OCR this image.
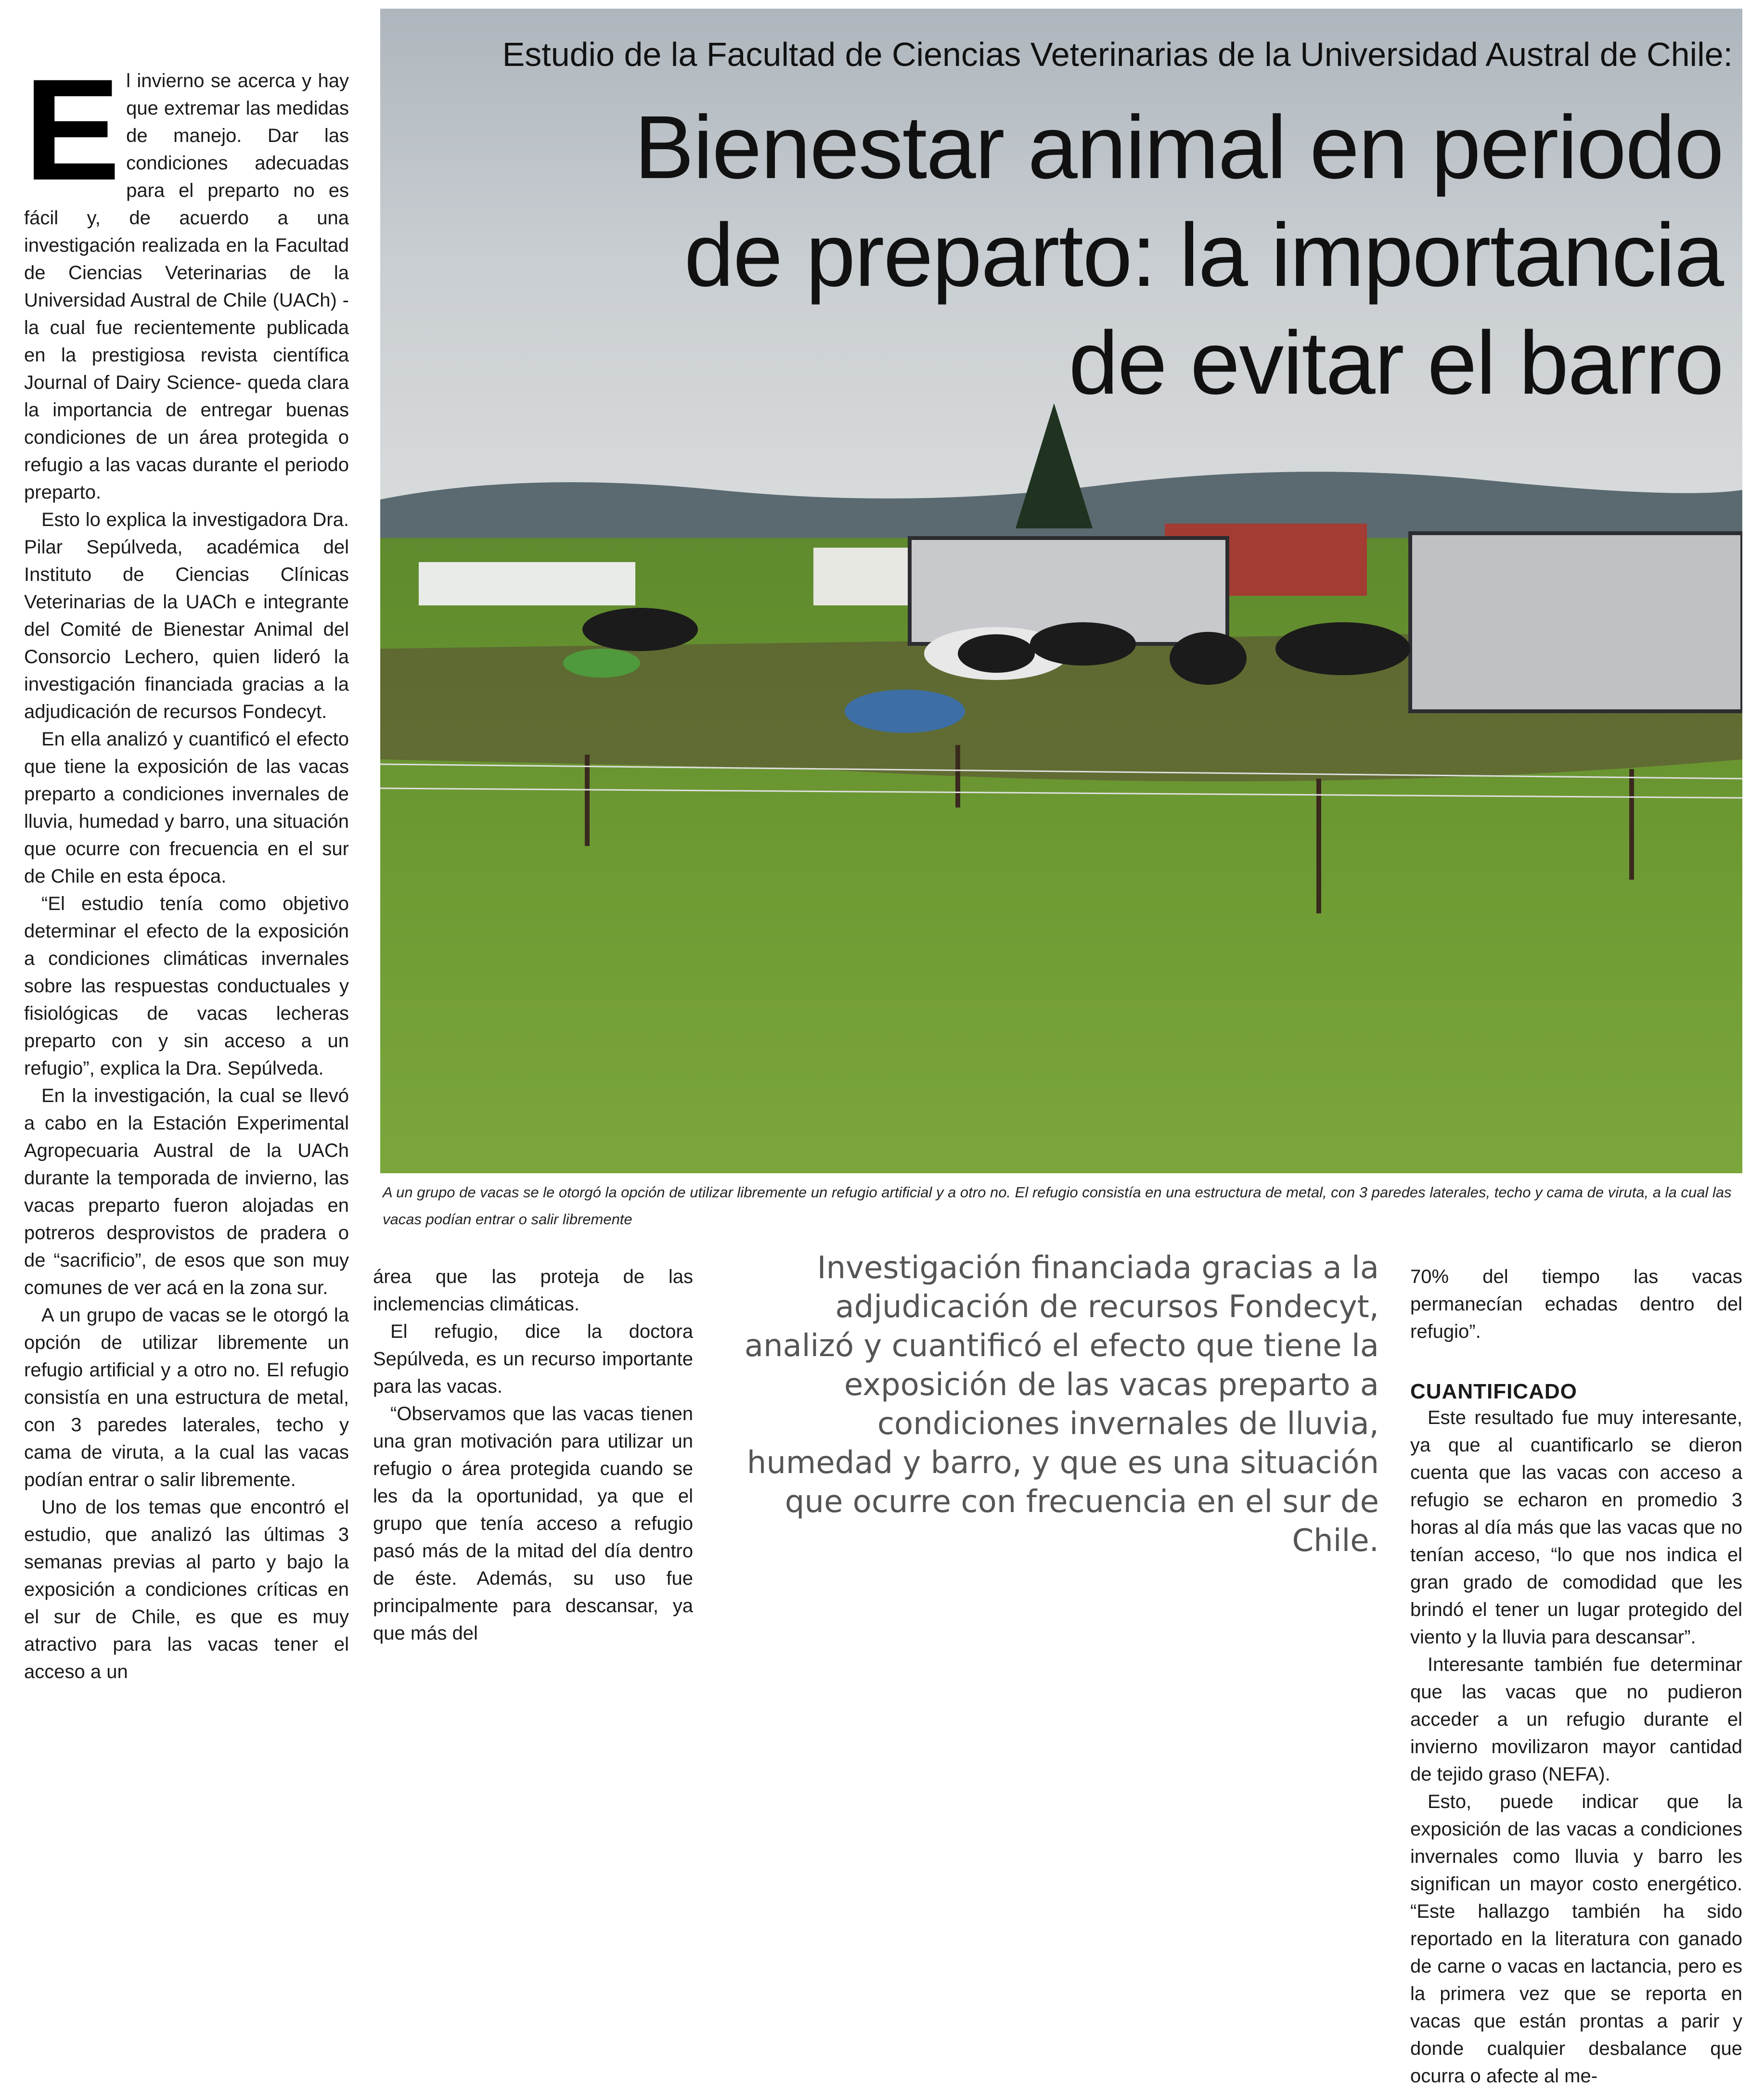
Estudio de la Facultad de Ciencias Veterinarias de la Universidad Austral de Chile:
Bienestar animal en periodo de preparto: la importancia de evitar el barro
A un grupo de vacas se le otorgó la opción de utilizar libremente un refugio artificial y a otro no. El refugio consistía en una estructura de metal, con 3 paredes laterales, techo y cama de viruta, a la cual las vacas podían entrar o salir libremente

El invierno se acerca y hay que extremar las medidas de manejo. Dar las condiciones adecuadas para el preparto no es fácil y, de acuerdo a una investigación realizada en la Facultad de Ciencias Veterinarias de la Universidad Austral de Chile (UACh) -la cual fue recientemente publicada en la prestigiosa revista científica Journal of Dairy Science- queda clara la importancia de entregar buenas condiciones de un área protegida o refugio a las vacas durante el periodo preparto.

Esto lo explica la investigadora Dra. Pilar Sepúlveda, académica del Instituto de Ciencias Clínicas Veterinarias de la UACh e integrante del Comité de Bienestar Animal del Consorcio Lechero, quien lideró la investigación financiada gracias a la adjudicación de recursos Fondecyt.

En ella analizó y cuantificó el efecto que tiene la exposición de las vacas preparto a condiciones invernales de lluvia, humedad y barro, una situación que ocurre con frecuencia en el sur de Chile en esta época.

“El estudio tenía como objetivo determinar el efecto de la exposición a condiciones climáticas invernales sobre las respuestas conductuales y fisiológicas de vacas lecheras preparto con y sin acceso a un refugio”, explica la Dra. Sepúlveda.

En la investigación, la cual se llevó a cabo en la Estación Experimental Agropecuaria Austral de la UACh durante la temporada de invierno, las vacas preparto fueron alojadas en potreros desprovistos de pradera o de “sacrificio”, de esos que son muy comunes de ver acá en la zona sur.

A un grupo de vacas se le otorgó la opción de utilizar libremente un refugio artificial y a otro no. El refugio consistía en una estructura de metal, con 3 paredes laterales, techo y cama de viruta, a la cual las vacas podían entrar o salir libremente.

Uno de los temas que encontró el estudio, que analizó las últimas 3 semanas previas al parto y bajo la exposición a condiciones críticas en el sur de Chile, es que es muy atractivo para las vacas tener el acceso a un

área que las proteja de las inclemencias climáticas.

El refugio, dice la doctora Sepúlveda, es un recurso importante para las vacas.

“Observamos que las vacas tienen una gran motivación para utilizar un refugio o área protegida cuando se les da la oportunidad, ya que el grupo que tenía acceso a refugio pasó más de la mitad del día dentro de éste. Además, su uso fue principalmente para descansar, ya que más del

Investigación financiada gracias a la adjudicación de recursos Fondecyt, analizó y cuantificó el efecto que tiene la exposición de las vacas preparto a condiciones invernales de lluvia, humedad y barro, y que es una situación que ocurre con frecuencia en el sur de Chile.

70% del tiempo las vacas permanecían echadas dentro del refugio”.

CUANTIFICADO

Este resultado fue muy interesante, ya que al cuantificarlo se dieron cuenta que las vacas con acceso a refugio se echaron en promedio 3 horas al día más que las vacas que no tenían acceso, “lo que nos indica el gran grado de comodidad que les brindó el tener un lugar protegido del viento y la lluvia para descansar”.

Interesante también fue determinar que las vacas que no pudieron acceder a un refugio durante el invierno movilizaron mayor cantidad de tejido graso (NEFA).

Esto, puede indicar que la exposición de las vacas a condiciones invernales como lluvia y barro les significan un mayor costo energético. “Este hallazgo también ha sido reportado en la literatura con ganado de carne o vacas en lactancia, pero es la primera vez que se reporta en vacas que están prontas a parir y donde cualquier desbalance que ocurra o afecte al me-
